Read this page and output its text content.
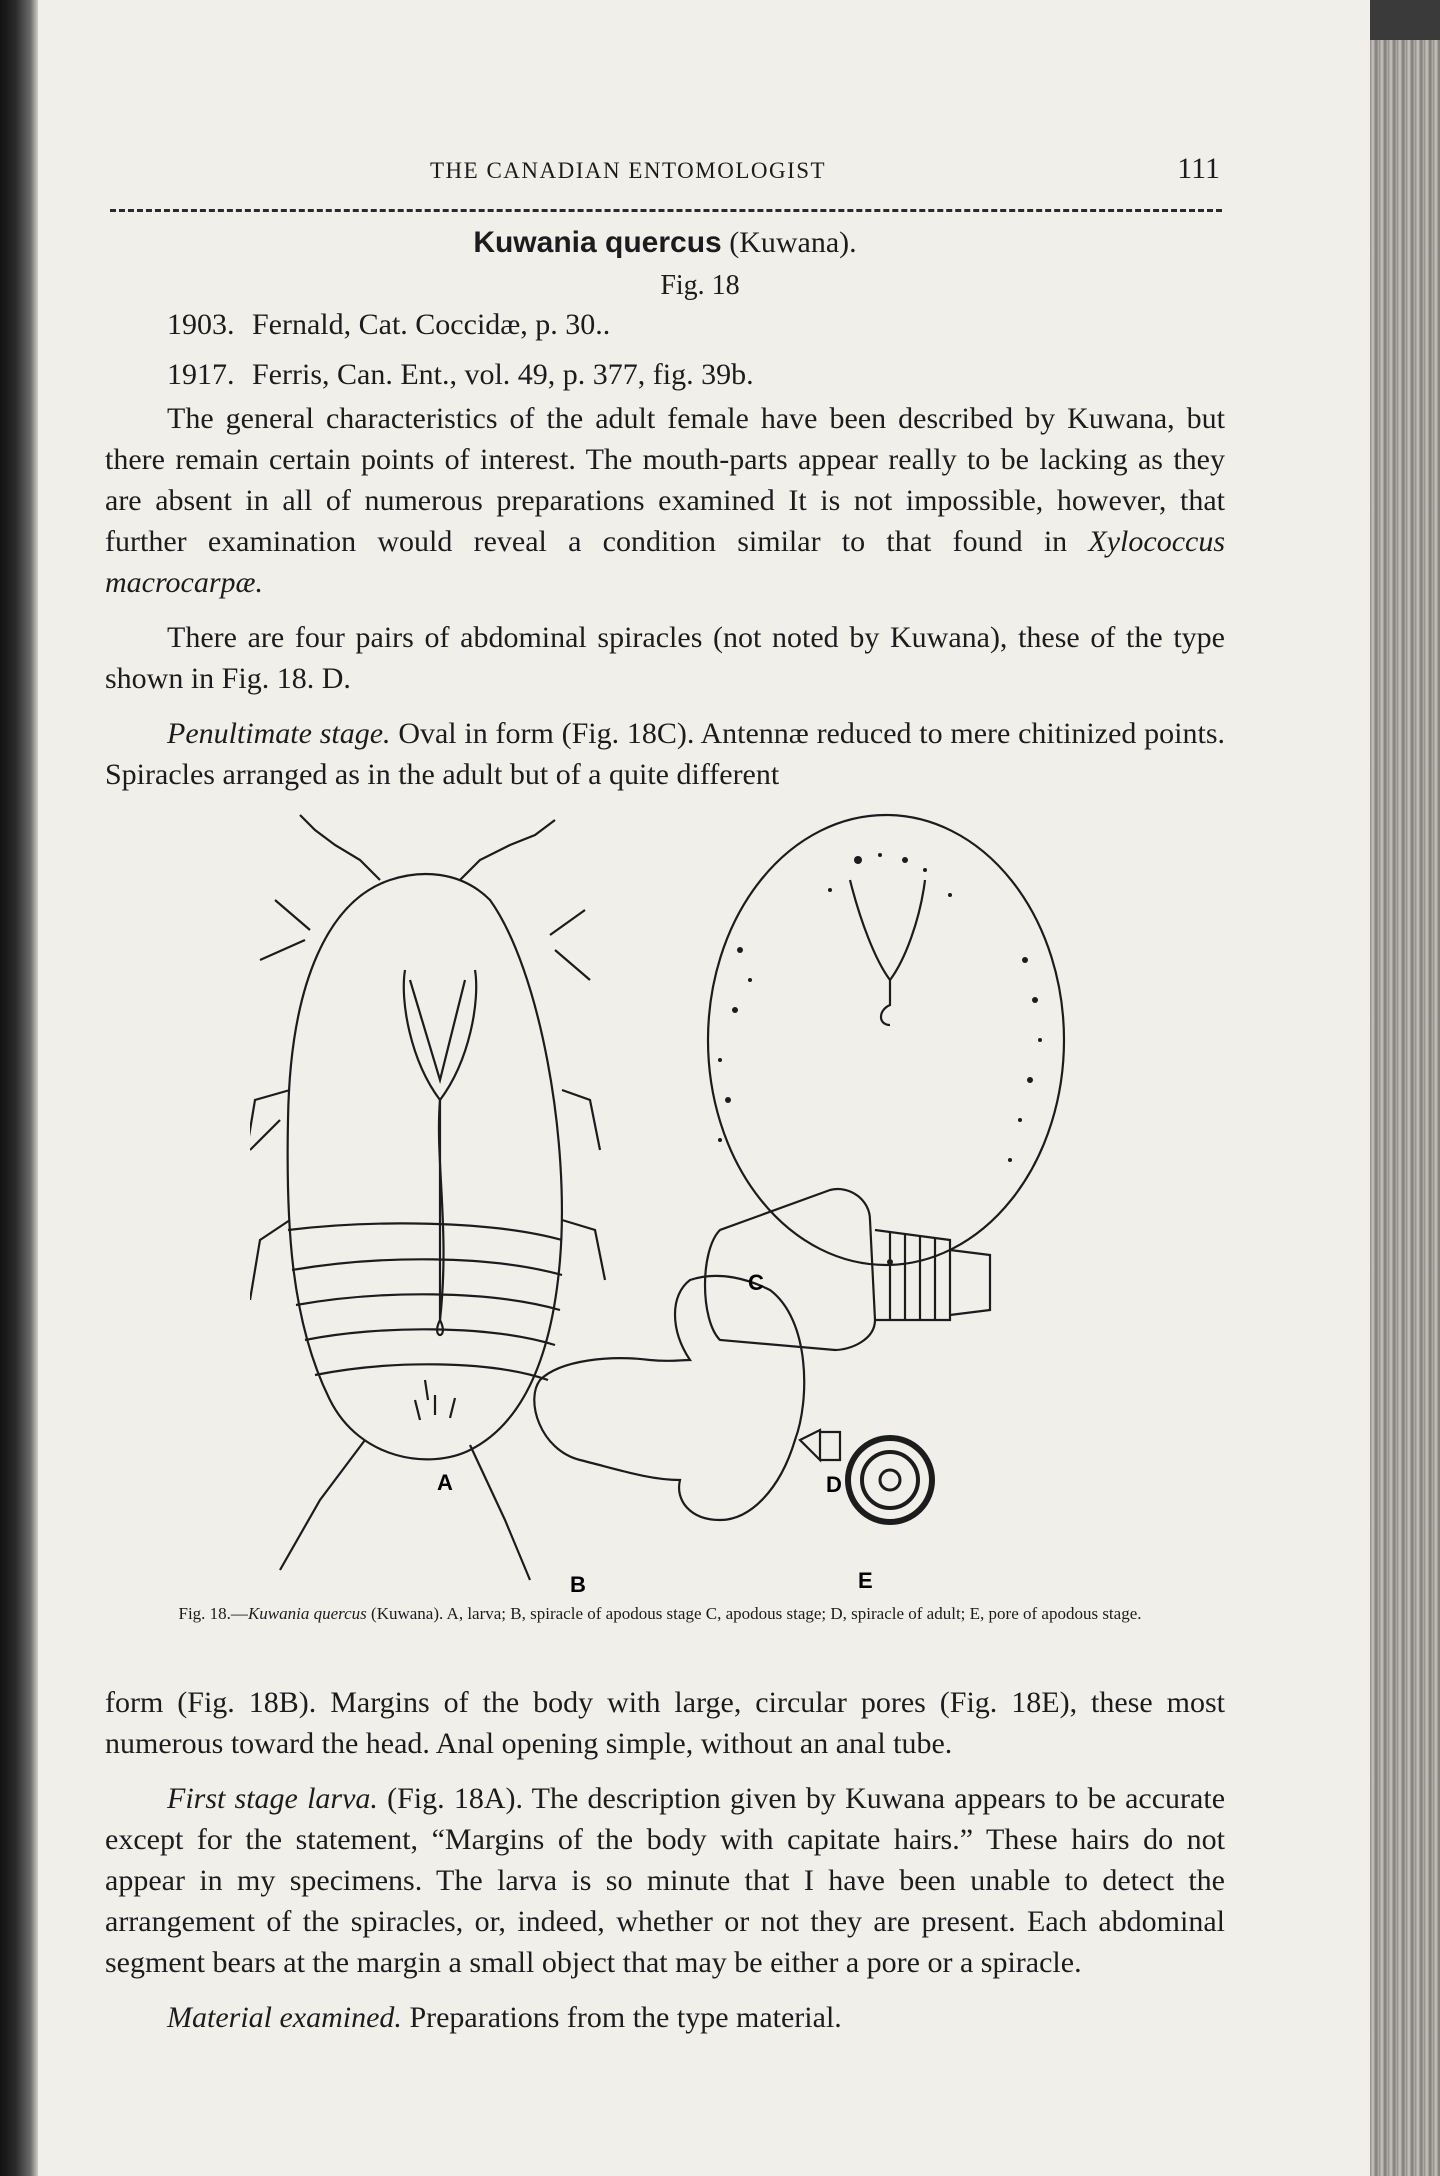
THE CANADIAN ENTOMOLOGIST	111
Kuwania quercus (Kuwana).
Fig. 18
1903. Fernald, Cat. Coccidæ, p. 30..
1917. Ferris, Can. Ent., vol. 49, p. 377, fig. 39b.

The general characteristics of the adult female have been described by Kuwana, but there remain certain points of interest. The mouth-parts appear really to be lacking as they are absent in all of numerous preparations examined It is not impossible, however, that further examination would reveal a condition similar to that found in Xylococcus macrocarpæ.

There are four pairs of abdominal spiracles (not noted by Kuwana), these of the type shown in Fig. 18. D.

Penultimate stage. Oval in form (Fig. 18C). Antennæ reduced to mere chitinized points. Spiracles arranged as in the adult but of a quite different

A
B
C
D
E
Fig. 18.—Kuwania quercus (Kuwana). A, larva; B, spiracle of apodous stage C, apodous stage; D, spiracle of adult; E, pore of apodous stage.

form (Fig. 18B). Margins of the body with large, circular pores (Fig. 18E), these most numerous toward the head. Anal opening simple, without an anal tube.

First stage larva. (Fig. 18A). The description given by Kuwana appears to be accurate except for the statement, “Margins of the body with capitate hairs.” These hairs do not appear in my specimens. The larva is so minute that I have been unable to detect the arrangement of the spiracles, or, indeed, whether or not they are present. Each abdominal segment bears at the margin a small object that may be either a pore or a spiracle.

Material examined. Preparations from the type material.
